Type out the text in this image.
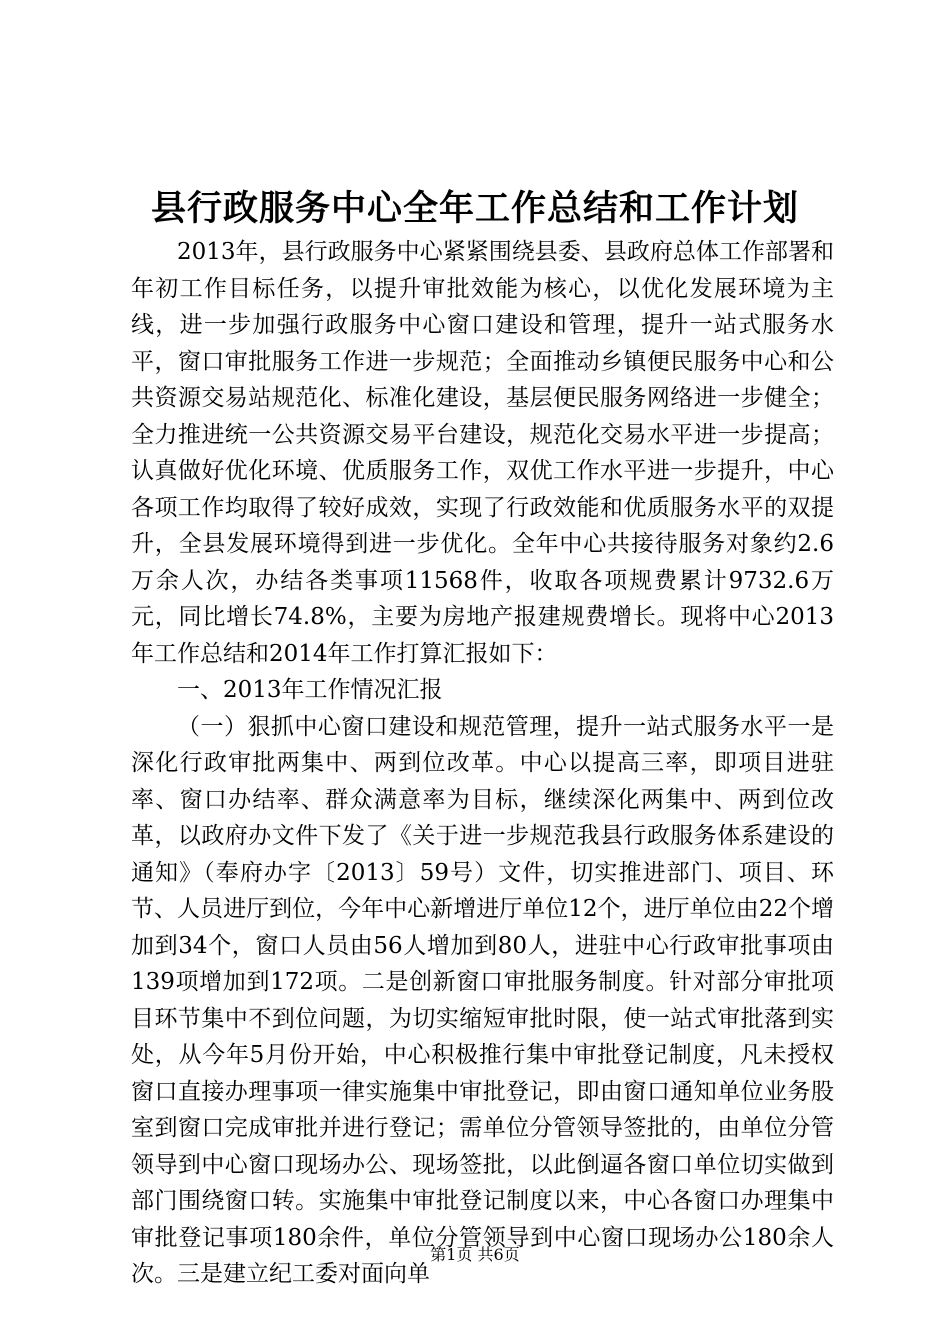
县行政服务中心全年工作总结和工作计划

2013年，县行政服务中心紧紧围绕县委、县政府总体工作部署和年初工作目标任务，以提升审批效能为核心，以优化发展环境为主线，进一步加强行政服务中心窗口建设和管理，提升一站式服务水平，窗口审批服务工作进一步规范；全面推动乡镇便民服务中心和公共资源交易站规范化、标准化建设，基层便民服务网络进一步健全；全力推进统一公共资源交易平台建设，规范化交易水平进一步提高；认真做好优化环境、优质服务工作，双优工作水平进一步提升，中心各项工作均取得了较好成效，实现了行政效能和优质服务水平的双提升，全县发展环境得到进一步优化。全年中心共接待服务对象约2.6万余人次，办结各类事项11568件，收取各项规费累计9732.6万元，同比增长74.8%，主要为房地产报建规费增长。现将中心2013年工作总结和2014年工作打算汇报如下：

一、2013年工作情况汇报

（一）狠抓中心窗口建设和规范管理，提升一站式服务水平一是深化行政审批两集中、两到位改革。中心以提高三率，即项目进驻率、窗口办结率、群众满意率为目标，继续深化两集中、两到位改革，以政府办文件下发了《关于进一步规范我县行政服务体系建设的通知》（奉府办字〔2013〕59号）文件，切实推进部门、项目、环节、人员进厅到位，今年中心新增进厅单位12个，进厅单位由22个增加到34个，窗口人员由56人增加到80人，进驻中心行政审批事项由139项增加到172项。二是创新窗口审批服务制度。针对部分审批项目环节集中不到位问题，为切实缩短审批时限，使一站式审批落到实处，从今年5月份开始，中心积极推行集中审批登记制度，凡未授权窗口直接办理事项一律实施集中审批登记，即由窗口通知单位业务股室到窗口完成审批并进行登记；需单位分管领导签批的，由单位分管领导到中心窗口现场办公、现场签批，以此倒逼各窗口单位切实做到部门围绕窗口转。实施集中审批登记制度以来，中心各窗口办理集中审批登记事项180余件，单位分管领导到中心窗口现场办公180余人次。三是建立纪工委对面向单

第1页 共6页
